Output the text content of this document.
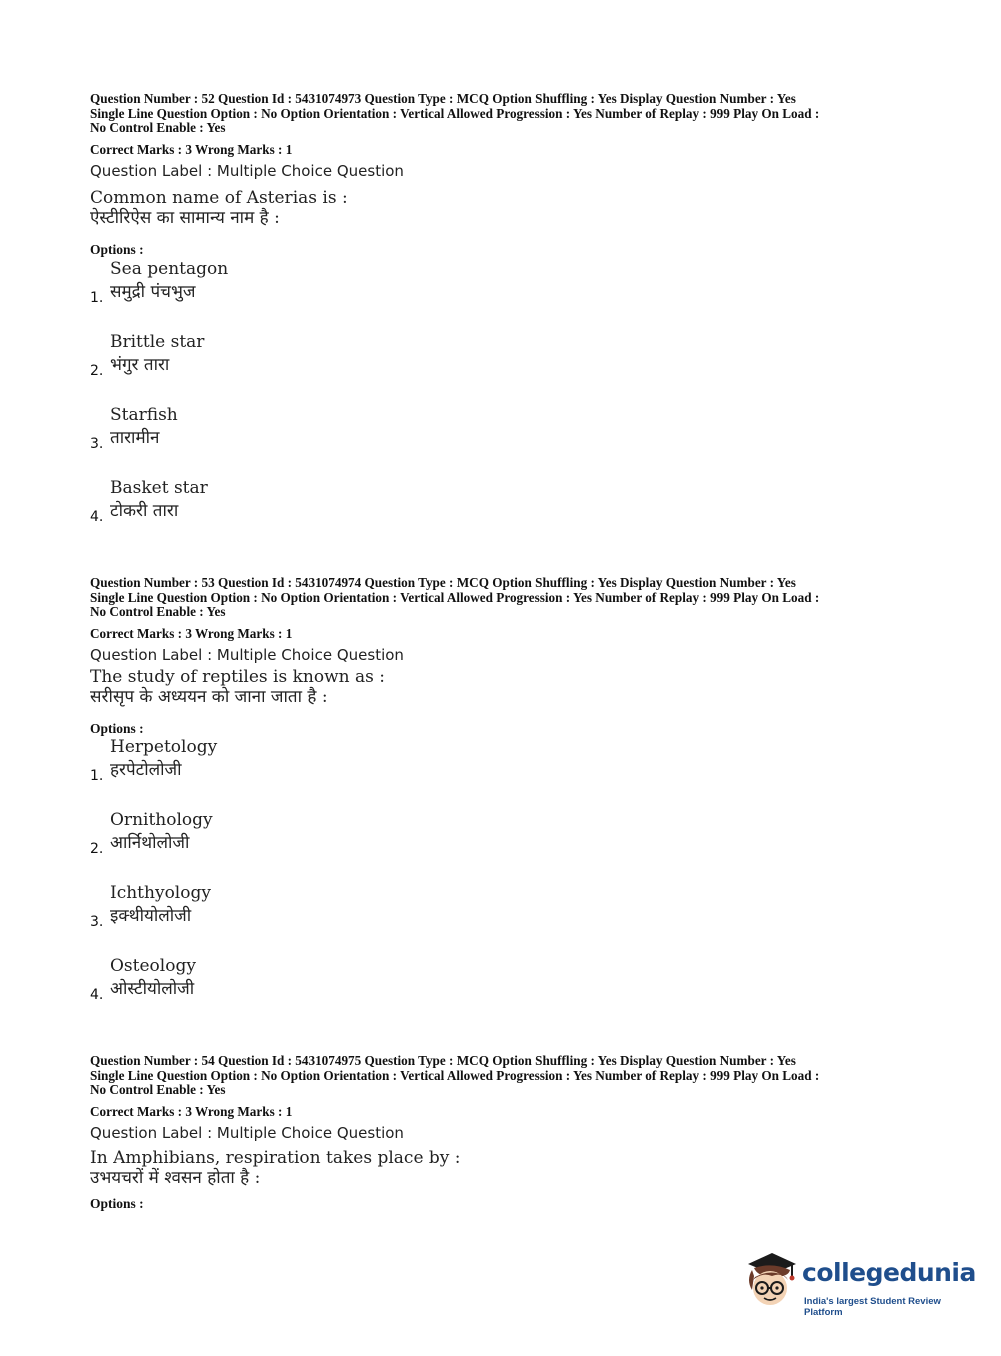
Question Number : 52 Question Id : 5431074973 Question Type : MCQ Option Shuffling : Yes Display Question Number : Yes
Single Line Question Option : No Option Orientation : Vertical Allowed Progression : Yes Number of Replay : 999 Play On Load :
No Control Enable : Yes
Correct Marks : 3 Wrong Marks : 1
Question Label : Multiple Choice Question
Common name of Asterias is :
ऐस्टीरिऐस का सामान्य नाम है :
Options :
1.
Sea pentagon
समुद्री पंचभुज
2.
Brittle star
भंगुर तारा
3.
Starfish
तारामीन
4.
Basket star
टोकरी तारा
Question Number : 53 Question Id : 5431074974 Question Type : MCQ Option Shuffling : Yes Display Question Number : Yes
Single Line Question Option : No Option Orientation : Vertical Allowed Progression : Yes Number of Replay : 999 Play On Load :
No Control Enable : Yes
Correct Marks : 3 Wrong Marks : 1
Question Label : Multiple Choice Question
The study of reptiles is known as :
सरीसृप के अध्ययन को जाना जाता है :
Options :
1.
Herpetology
हरपेटोलोजी
2.
Ornithology
आर्निथोलोजी
3.
Ichthyology
इक्थीयोलोजी
4.
Osteology
ओस्टीयोलोजी
Question Number : 54 Question Id : 5431074975 Question Type : MCQ Option Shuffling : Yes Display Question Number : Yes
Single Line Question Option : No Option Orientation : Vertical Allowed Progression : Yes Number of Replay : 999 Play On Load :
No Control Enable : Yes
Correct Marks : 3 Wrong Marks : 1
Question Label : Multiple Choice Question
In Amphibians, respiration takes place by :
उभयचरों में श्वसन होता है :
Options :
collegedunia
India's largest Student Review Platform
